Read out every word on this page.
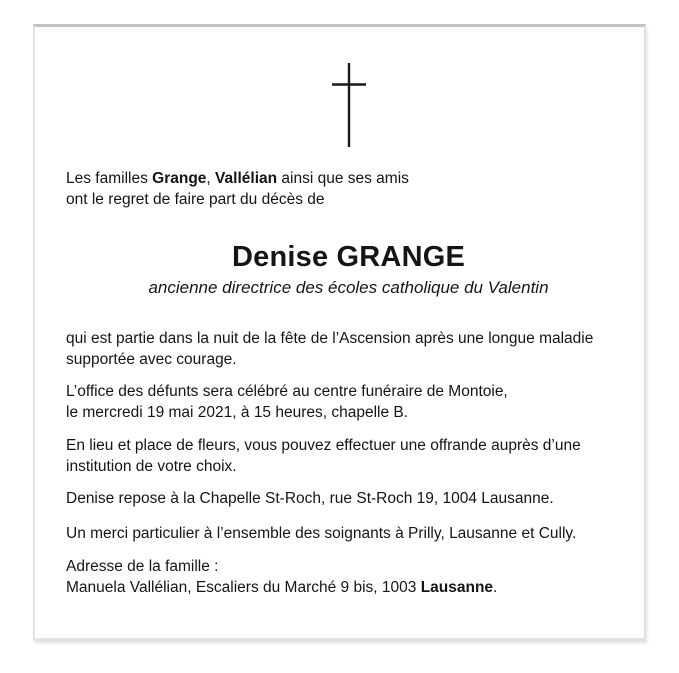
Les familles Grange, Vallélian ainsi que ses amis
ont le regret de faire part du décès de
Denise GRANGE
ancienne directrice des écoles catholique du Valentin
qui est partie dans la nuit de la fête de l’Ascension après une longue maladie
supportée avec courage.
L’office des défunts sera célébré au centre funéraire de Montoie,
le mercredi 19 mai 2021, à 15 heures, chapelle B.
En lieu et place de fleurs, vous pouvez effectuer une offrande auprès d’une
institution de votre choix.
Denise repose à la Chapelle St-Roch, rue St-Roch 19, 1004 Lausanne.
Un merci particulier à l’ensemble des soignants à Prilly, Lausanne et Cully.
Adresse de la famille :
Manuela Vallélian, Escaliers du Marché 9 bis, 1003 Lausanne.
